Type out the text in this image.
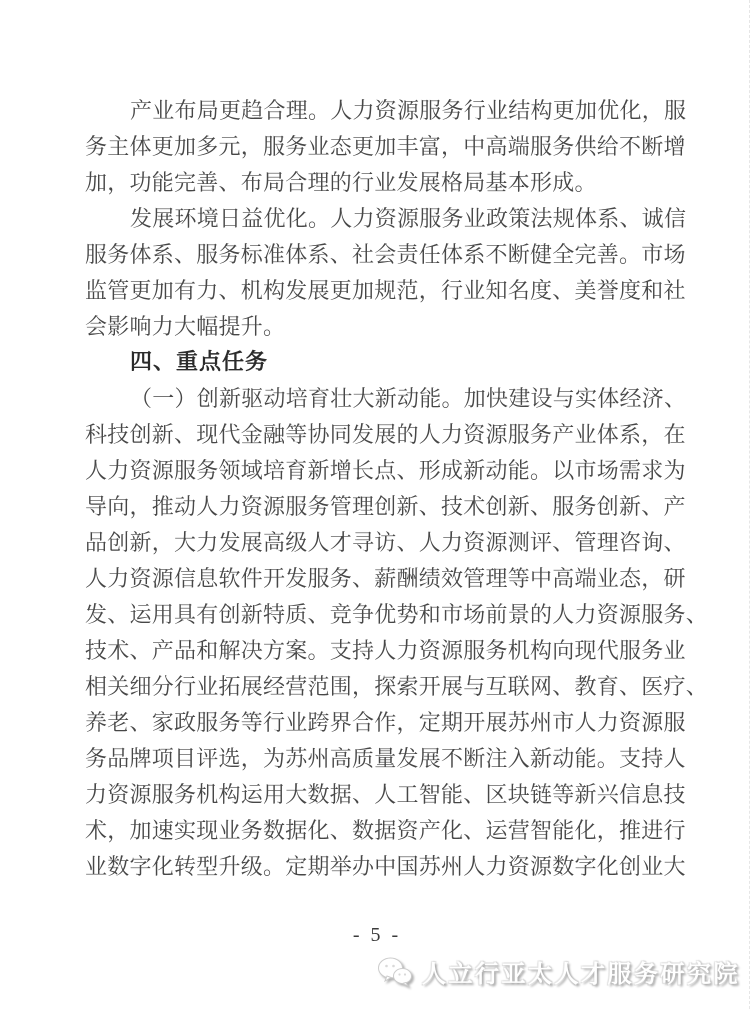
产业布局更趋合理。人力资源服务行业结构更加优化，服
务主体更加多元，服务业态更加丰富，中高端服务供给不断增
加，功能完善、布局合理的行业发展格局基本形成。
发展环境日益优化。人力资源服务业政策法规体系、诚信
服务体系、服务标准体系、社会责任体系不断健全完善。市场
监管更加有力、机构发展更加规范，行业知名度、美誉度和社
会影响力大幅提升。
四、重点任务
（一）创新驱动培育壮大新动能。加快建设与实体经济、
科技创新、现代金融等协同发展的人力资源服务产业体系，在
人力资源服务领域培育新增长点、形成新动能。以市场需求为
导向，推动人力资源服务管理创新、技术创新、服务创新、产
品创新，大力发展高级人才寻访、人力资源测评、管理咨询、
人力资源信息软件开发服务、薪酬绩效管理等中高端业态，研
发、运用具有创新特质、竞争优势和市场前景的人力资源服务、
技术、产品和解决方案。支持人力资源服务机构向现代服务业
相关细分行业拓展经营范围，探索开展与互联网、教育、医疗、
养老、家政服务等行业跨界合作，定期开展苏州市人力资源服
务品牌项目评选，为苏州高质量发展不断注入新动能。支持人
力资源服务机构运用大数据、人工智能、区块链等新兴信息技
术，加速实现业务数据化、数据资产化、运营智能化，推进行
业数字化转型升级。定期举办中国苏州人力资源数字化创业大
- 5 -
人立行亚太人才服务研究院
